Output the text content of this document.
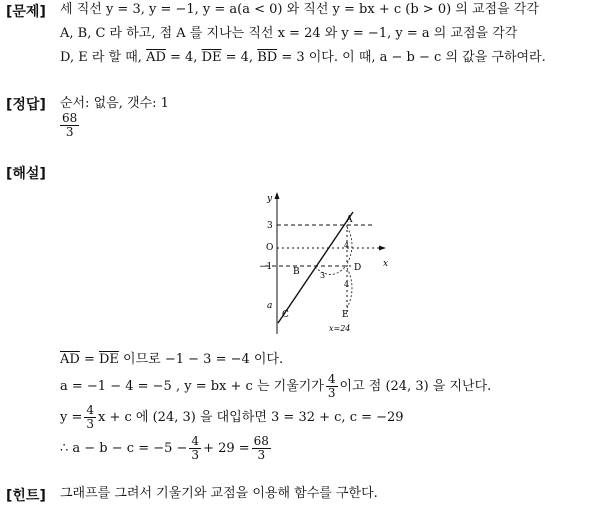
[문제] 세 직선 y = 3, y = −1, y = a(a < 0) 와 직선 y = bx + c (b > 0) 의 교점을 각각
A, B, C 라 하고, 점 A 를 지나는 직선 x = 24 와 y = −1, y = a 의 교점을 각각
D, E 라 할 때, $\overline{AD} = 4$, $\overline{DE} = 4$, $\overline{BD} = 3$ 이다. 이 때, a − b − c 의 값을 구하여라.
[정답] 순서: 없음, 갯수: 1
$\frac{68}{3}$
[해설]
y
x
3
O
−1
a
A
B
C
D
E
4
3
4
x=24
$\overline{AD} = \overline{DE}$ 이므로 −1 − 3 = −4 이다.
a = −1 − 4 = −5 , y = bx + c 는 기울기가 $\frac{4}{3}$ 이고 점 (24, 3) 을 지난다.
$y = \frac{4}{3}$ x + c 에 (24, 3) 을 대입하면 3 = 32 + c, c = −29
∴ $a - b - c = -5 - \frac{4}{3} + 29 = \frac{68}{3}$
[힌트] 그래프를 그려서 기울기와 교점을 이용해 함수를 구한다.
